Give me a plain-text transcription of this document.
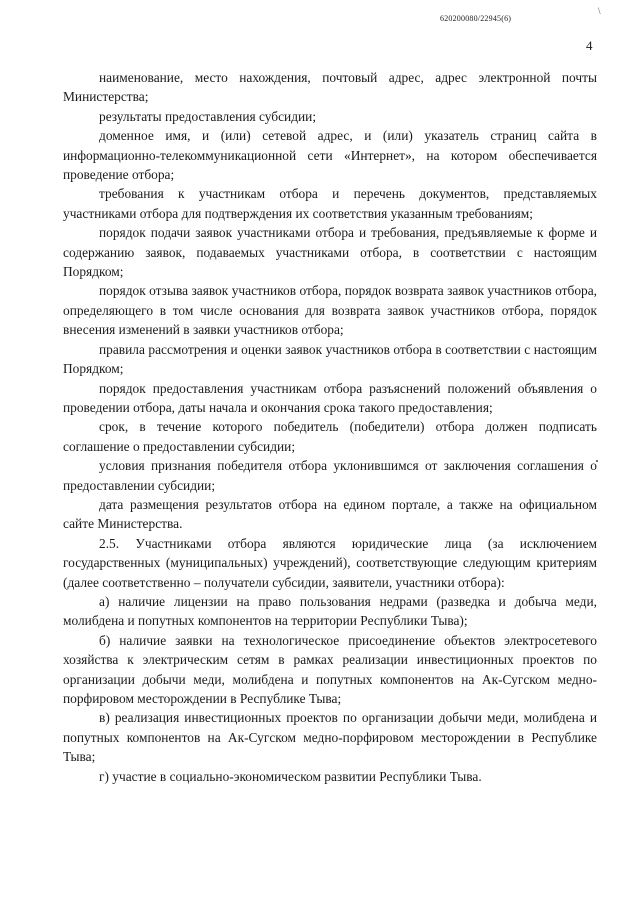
\
620200080/22945(6)
4

наименование, место нахождения, почтовый адрес, адрес электронной почты Министерства;

результаты предоставления субсидии;

доменное имя, и (или) сетевой адрес, и (или) указатель страниц сайта в информационно-телекоммуникационной сети «Интернет», на котором обеспечивается проведение отбора;

требования к участникам отбора и перечень документов, представляемых участниками отбора для подтверждения их соответствия указанным требованиям;

порядок подачи заявок участниками отбора и требования, предъявляемые к форме и содержанию заявок, подаваемых участниками отбора, в соответствии с настоящим Порядком;

порядок отзыва заявок участников отбора, порядок возврата заявок участников отбора, определяющего в том числе основания для возврата заявок участников отбора, порядок внесения изменений в заявки участников отбора;

правила рассмотрения и оценки заявок участников отбора в соответствии с настоящим Порядком;

порядок предоставления участникам отбора разъяснений положений объявления о проведении отбора, даты начала и окончания срока такого предоставления;

срок, в течение которого победитель (победители) отбора должен подписать соглашение о предоставлении субсидии;

условия признания победителя отбора уклонившимся от заключения соглашения о предоставлении субсидии;

дата размещения результатов отбора на едином портале, а также на официальном сайте Министерства.

2.5. Участниками отбора являются юридические лица (за исключением государственных (муниципальных) учреждений), соответствующие следующим критериям (далее соответственно – получатели субсидии, заявители, участники отбора):

а) наличие лицензии на право пользования недрами (разведка и добыча меди, молибдена и попутных компонентов на территории Республики Тыва);

б) наличие заявки на технологическое присоединение объектов электросетевого хозяйства к электрическим сетям в рамках реализации инвестиционных проектов по организации добычи меди, молибдена и попутных компонентов на Ак-Сугском медно-порфировом месторождении в Республике Тыва;

в) реализация инвестиционных проектов по организации добычи меди, молибдена и попутных компонентов на Ак-Сугском медно-порфировом месторождении в Республике Тыва;

г) участие в социально-экономическом развитии Республики Тыва.
